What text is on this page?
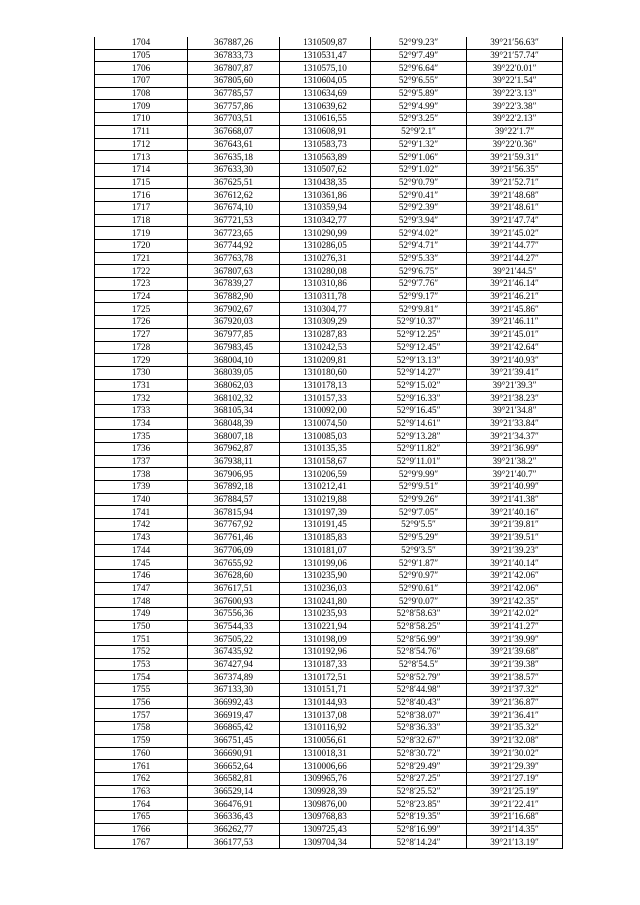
1704	367887,26	1310509,87	52°9′9.23″	39°21′56.63″
1705	367833,73	1310531,47	52°9′7.49″	39°21′57.74″
1706	367807,87	1310575,10	52°9′6.64″	39°22′0.01″
1707	367805,60	1310604,05	52°9′6.55″	39°22′1.54″
1708	367785,57	1310634,69	52°9′5.89″	39°22′3.13″
1709	367757,86	1310639,62	52°9′4.99″	39°22′3.38″
1710	367703,51	1310616,55	52°9′3.25″	39°22′2.13″
1711	367668,07	1310608,91	52°9′2.1″	39°22′1.7″
1712	367643,61	1310583,73	52°9′1.32″	39°22′0.36″
1713	367635,18	1310563,89	52°9′1.06″	39°21′59.31″
1714	367633,30	1310507,62	52°9′1.02″	39°21′56.35″
1715	367625,51	1310438,35	52°9′0.79″	39°21′52.71″
1716	367612,62	1310361,86	52°9′0.41″	39°21′48.68″
1717	367674,10	1310359,94	52°9′2.39″	39°21′48.61″
1718	367721,53	1310342,77	52°9′3.94″	39°21′47.74″
1719	367723,65	1310290,99	52°9′4.02″	39°21′45.02″
1720	367744,92	1310286,05	52°9′4.71″	39°21′44.77″
1721	367763,78	1310276,31	52°9′5.33″	39°21′44.27″
1722	367807,63	1310280,08	52°9′6.75″	39°21′44.5″
1723	367839,27	1310310,86	52°9′7.76″	39°21′46.14″
1724	367882,90	1310311,78	52°9′9.17″	39°21′46.21″
1725	367902,67	1310304,77	52°9′9.81″	39°21′45.86″
1726	367920,03	1310309,29	52°9′10.37″	39°21′46.11″
1727	367977,85	1310287,83	52°9′12.25″	39°21′45.01″
1728	367983,45	1310242,53	52°9′12.45″	39°21′42.64″
1729	368004,10	1310209,81	52°9′13.13″	39°21′40.93″
1730	368039,05	1310180,60	52°9′14.27″	39°21′39.41″
1731	368062,03	1310178,13	52°9′15.02″	39°21′39.3″
1732	368102,32	1310157,33	52°9′16.33″	39°21′38.23″
1733	368105,34	1310092,00	52°9′16.45″	39°21′34.8″
1734	368048,39	1310074,50	52°9′14.61″	39°21′33.84″
1735	368007,18	1310085,03	52°9′13.28″	39°21′34.37″
1736	367962,87	1310135,35	52°9′11.82″	39°21′36.99″
1737	367938,11	1310158,67	52°9′11.01″	39°21′38.2″
1738	367906,95	1310206,59	52°9′9.99″	39°21′40.7″
1739	367892,18	1310212,41	52°9′9.51″	39°21′40.99″
1740	367884,57	1310219,88	52°9′9.26″	39°21′41.38″
1741	367815,94	1310197,39	52°9′7.05″	39°21′40.16″
1742	367767,92	1310191,45	52°9′5.5″	39°21′39.81″
1743	367761,46	1310185,83	52°9′5.29″	39°21′39.51″
1744	367706,09	1310181,07	52°9′3.5″	39°21′39.23″
1745	367655,92	1310199,06	52°9′1.87″	39°21′40.14″
1746	367628,60	1310235,90	52°9′0.97″	39°21′42.06″
1747	367617,51	1310236,03	52°9′0.61″	39°21′42.06″
1748	367600,93	1310241,80	52°9′0.07″	39°21′42.35″
1749	367556,36	1310235,93	52°8′58.63″	39°21′42.02″
1750	367544,33	1310221,94	52°8′58.25″	39°21′41.27″
1751	367505,22	1310198,09	52°8′56.99″	39°21′39.99″
1752	367435,92	1310192,96	52°8′54.76″	39°21′39.68″
1753	367427,94	1310187,33	52°8′54.5″	39°21′39.38″
1754	367374,89	1310172,51	52°8′52.79″	39°21′38.57″
1755	367133,30	1310151,71	52°8′44.98″	39°21′37.32″
1756	366992,43	1310144,93	52°8′40.43″	39°21′36.87″
1757	366919,47	1310137,08	52°8′38.07″	39°21′36.41″
1758	366865,42	1310116,92	52°8′36.33″	39°21′35.32″
1759	366751,45	1310056,61	52°8′32.67″	39°21′32.08″
1760	366690,91	1310018,31	52°8′30.72″	39°21′30.02″
1761	366652,64	1310006,66	52°8′29.49″	39°21′29.39″
1762	366582,81	1309965,76	52°8′27.25″	39°21′27.19″
1763	366529,14	1309928,39	52°8′25.52″	39°21′25.19″
1764	366476,91	1309876,00	52°8′23.85″	39°21′22.41″
1765	366336,43	1309768,83	52°8′19.35″	39°21′16.68″
1766	366262,77	1309725,43	52°8′16.99″	39°21′14.35″
1767	366177,53	1309704,34	52°8′14.24″	39°21′13.19″
